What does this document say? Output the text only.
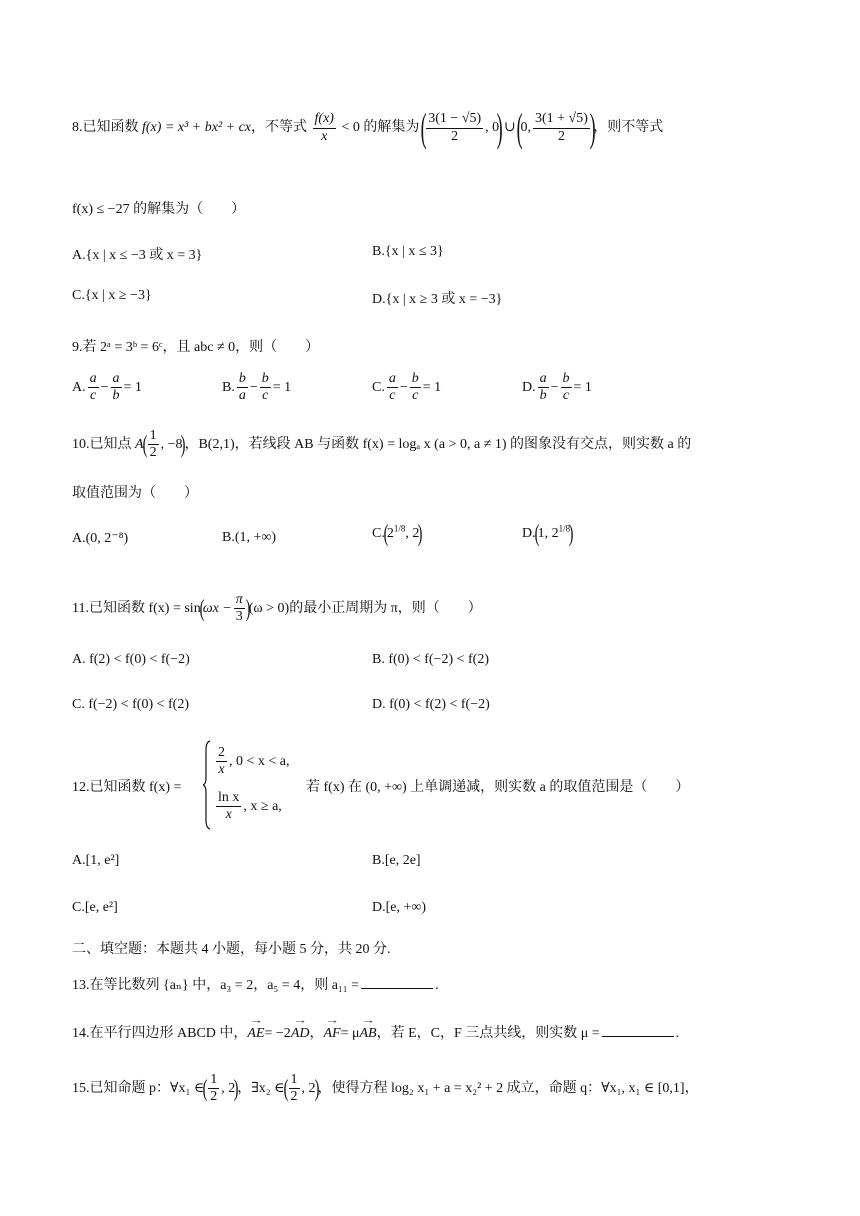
8.已知函数 f(x) = x³ + bx² + cx，不等式 $\frac{f(x)}{x} < 0$ 的解集为 ( $\frac{3(1 - √5)}{2}$ , 0) ∪ (0, $\frac{3(1 + √5)}{2}$ )，则不等式
f(x) ≤ −27 的解集为（　　）
A.{x | x ≤ −3 或 x = 3}	B.{x | x ≤ 3}
C.{x | x ≥ −3}	D.{x | x ≥ 3 或 x = −3}
9.若 2ᵃ = 3ᵇ = 6ᶜ，且 abc ≠ 0，则（　　）
A. $\frac{a}{c} - \frac{a}{b} = 1$	B. $\frac{b}{a} - \frac{b}{c} = 1$	C. $\frac{a}{c} - \frac{b}{c} = 1$	D. $\frac{a}{b} - \frac{b}{c} = 1$
10.已知点 $A( \frac{1}{2}$ , −8)，B(2,1)，若线段 AB 与函数 f(x) = logₐ x (a > 0, a ≠ 1) 的图象没有交点，则实数 a 的
取值范围为（　　）
A.(0, 2⁻⁸)	B.(1, +∞)	$C.(2^{1/8}$, 2)	D.(1, $2^{1/8}$)
11.已知函数 $f(x) = \sin(\omega x - \frac{\pi}{3} )(\omega > 0)$的最小正周期为 π，则（　　）
A. f(2) < f(0) < f(−2)	B. f(0) < f(−2) < f(2)
C. f(−2) < f(0) < f(2)	D. f(0) < f(2) < f(−2)
12.已知函数 f(x) =
$\frac{2}{x}$ , 0 < x < a,
$\frac{\text{ln x}}{x}$ , x ≥ a,
若 f(x) 在 (0, +∞) 上单调递减，则实数 a 的取值范围是（　　）
A.[1, e²]	B.[e, 2e]
C.[e, e²]	D.[e, +∞)
二、填空题：本题共 4 小题，每小题 5 分，共 20 分.
13.在等比数列 {aₙ} 中，a₃ = 2，a₅ = 4，则 a₁₁ =	.
14.在平行四边形 ABCD 中，→ AE= −2→ AD，→ AF= μ→ AB，若 E，C，F 三点共线，则实数 μ =	.
15.已知命题 p：∀x₁ ∈( $\frac{1}{2}$ , 2)，∃x₂ ∈( $\frac{1}{2}$ , 2)，使得方程 log₂ x₁ + a = x₂² + 2 成立，命题 q：∀x₁, x₁ ∈ [0,1]，
